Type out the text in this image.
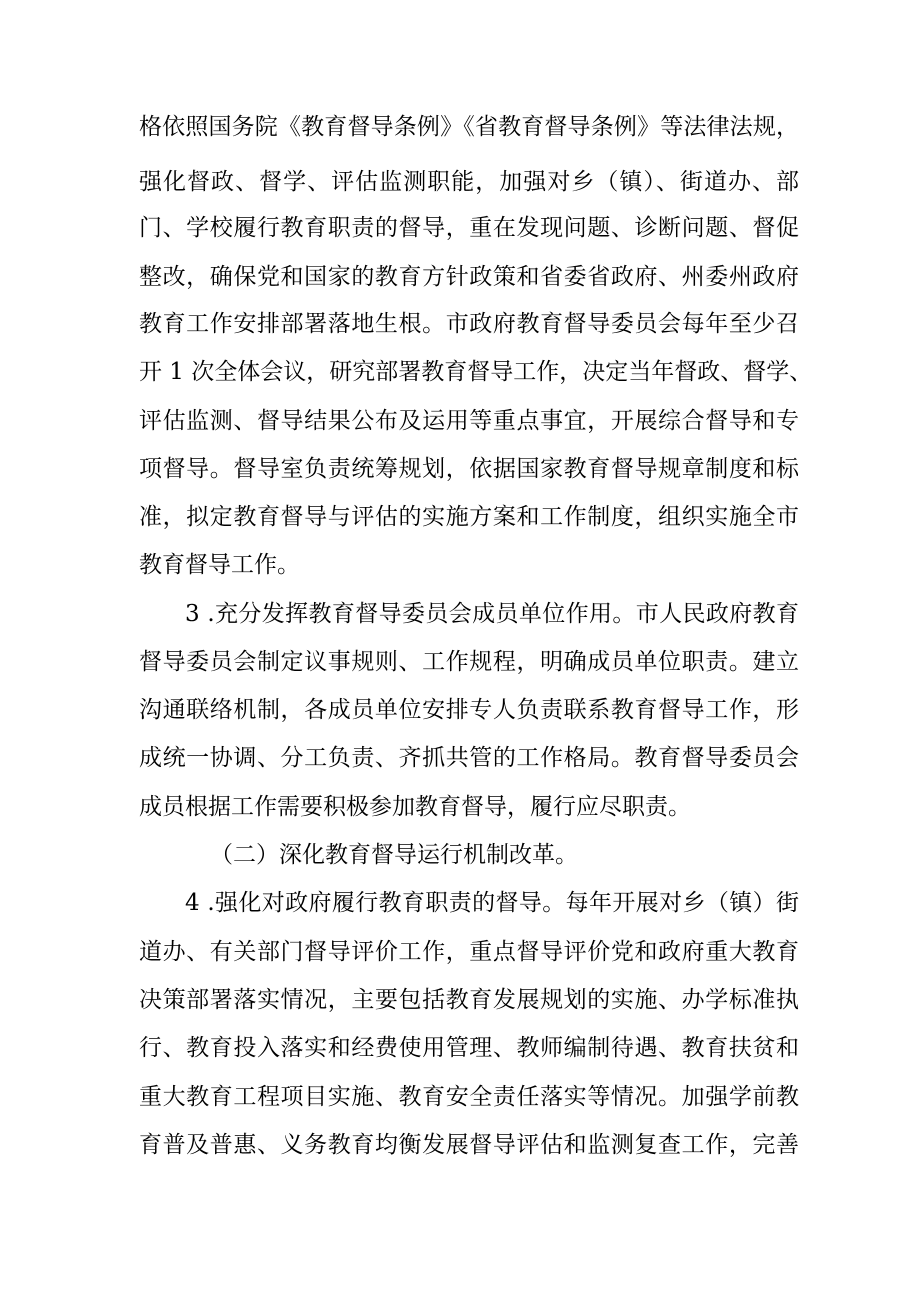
格依照国务院《教育督导条例》《省教育督导条例》等法律法规，
强化督政、督学、评估监测职能，加强对乡（镇）、街道办、部
门、学校履行教育职责的督导，重在发现问题、诊断问题、督促
整改，确保党和国家的教育方针政策和省委省政府、州委州政府
教育工作安排部署落地生根。市政府教育督导委员会每年至少召
开 1 次全体会议，研究部署教育督导工作，决定当年督政、督学、
评估监测、督导结果公布及运用等重点事宜，开展综合督导和专
项督导。督导室负责统筹规划，依据国家教育督导规章制度和标
准，拟定教育督导与评估的实施方案和工作制度，组织实施全市
教育督导工作。
3 .充分发挥教育督导委员会成员单位作用。市人民政府教育
督导委员会制定议事规则、工作规程，明确成员单位职责。建立
沟通联络机制，各成员单位安排专人负责联系教育督导工作，形
成统一协调、分工负责、齐抓共管的工作格局。教育督导委员会
成员根据工作需要积极参加教育督导，履行应尽职责。
（二）深化教育督导运行机制改革。
4 .强化对政府履行教育职责的督导。每年开展对乡（镇）街
道办、有关部门督导评价工作，重点督导评价党和政府重大教育
决策部署落实情况，主要包括教育发展规划的实施、办学标准执
行、教育投入落实和经费使用管理、教师编制待遇、教育扶贫和
重大教育工程项目实施、教育安全责任落实等情况。加强学前教
育普及普惠、义务教育均衡发展督导评估和监测复查工作，完善
